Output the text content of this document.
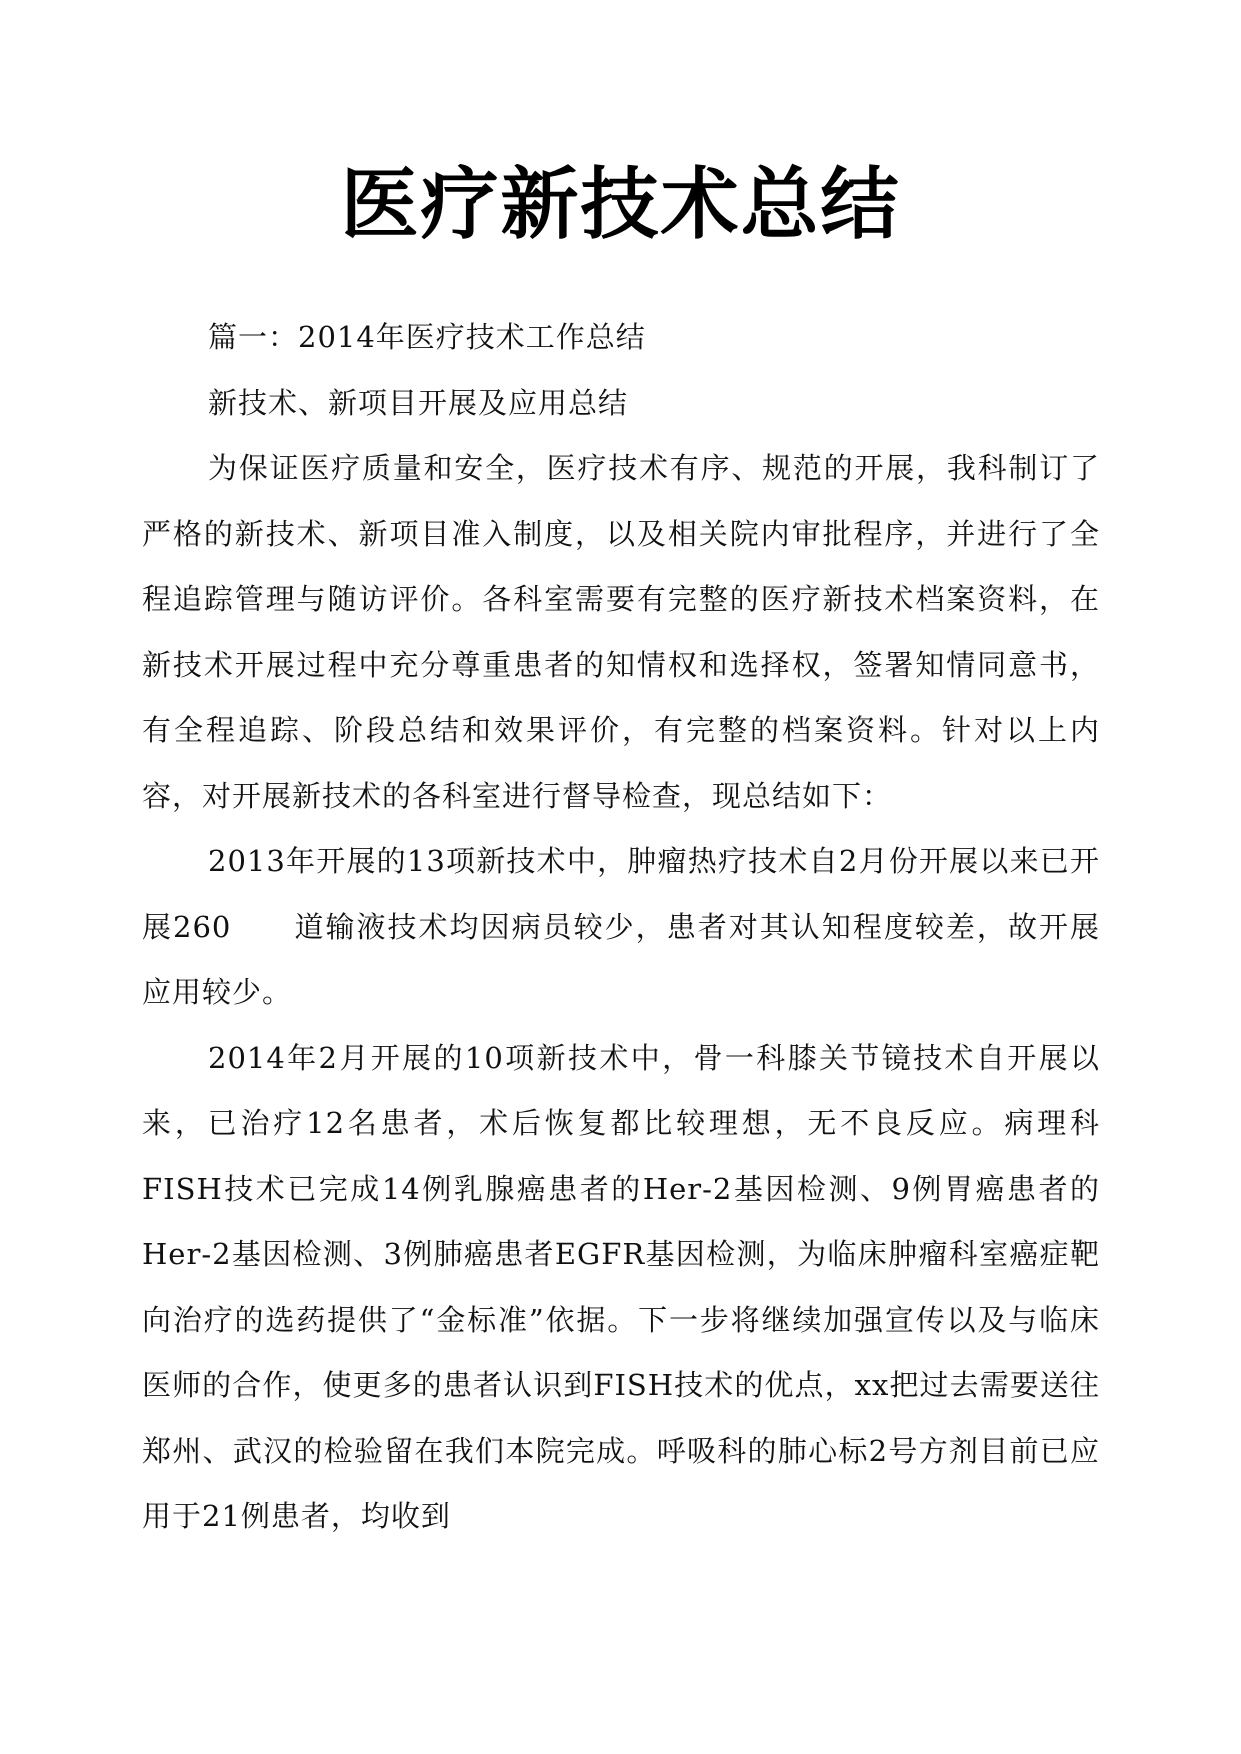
医疗新技术总结

篇一：2014年医疗技术工作总结

新技术、新项目开展及应用总结

为保证医疗质量和安全，医疗技术有序、规范的开展，我科制订了严格的新技术、新项目准入制度，以及相关院内审批程序，并进行了全程追踪管理与随访评价。各科室需要有完整的医疗新技术档案资料，在新技术开展过程中充分尊重患者的知情权和选择权，签署知情同意书，有全程追踪、阶段总结和效果评价，有完整的档案资料。针对以上内容，对开展新技术的各科室进行督导检查，现总结如下：

2013年开展的13项新技术中，肿瘤热疗技术自2月份开展以来已开展260　　道输液技术均因病员较少，患者对其认知程度较差，故开展应用较少。

2014年2月开展的10项新技术中，骨一科膝关节镜技术自开展以来，已治疗12名患者，术后恢复都比较理想，无不良反应。病理科FISH技术已完成14例乳腺癌患者的Her-2基因检测、9例胃癌患者的Her-2基因检测、3例肺癌患者EGFR基因检测，为临床肿瘤科室癌症靶向治疗的选药提供了“金标准”依据。下一步将继续加强宣传以及与临床医师的合作，使更多的患者认识到FISH技术的优点，xx把过去需要送往郑州、武汉的检验留在我们本院完成。呼吸科的肺心标2号方剂目前已应用于21例患者，均收到
